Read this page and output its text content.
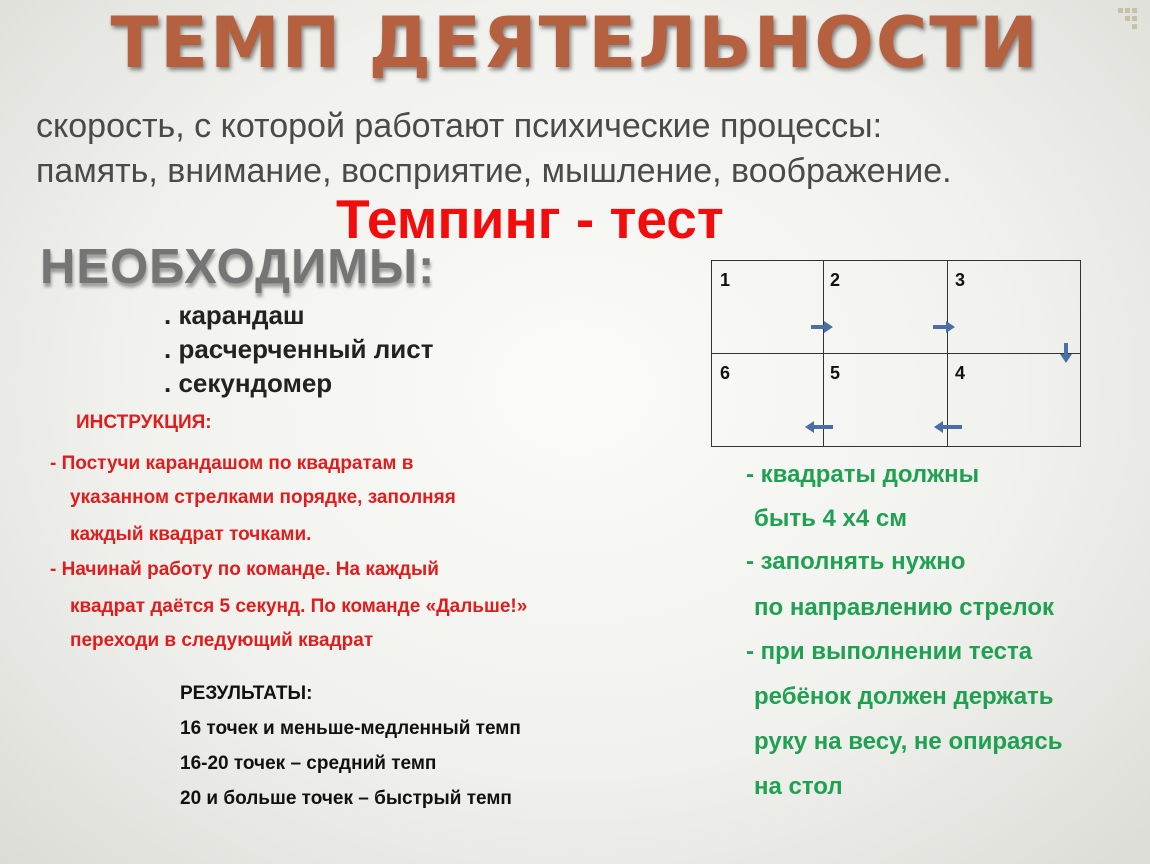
ТЕМП ДЕЯТЕЛЬНОСТИ
скорость, с которой работают психические процессы:
память, внимание, восприятие, мышление, воображение.
Темпинг - тест
НЕОБХОДИМЫ:
. карандаш
. расчерченный лист
. секундомер
ИНСТРУКЦИЯ:
- Постучи карандашом по квадратам в
указанном стрелками порядке, заполняя
каждый квадрат точками.
- Начинай работу по команде. На каждый
квадрат даётся 5 секунд. По команде «Дальше!»
переходи в следующий квадрат
РЕЗУЛЬТАТЫ:
16 точек и меньше-медленный темп
16-20 точек – средний темп
20 и больше точек – быстрый темп
1	2	3
6	5	4
- квадраты должны
быть 4 х4 см
- заполнять нужно
по направлению стрелок
- при выполнении теста
ребёнок должен держать
руку на весу, не опираясь
на стол
